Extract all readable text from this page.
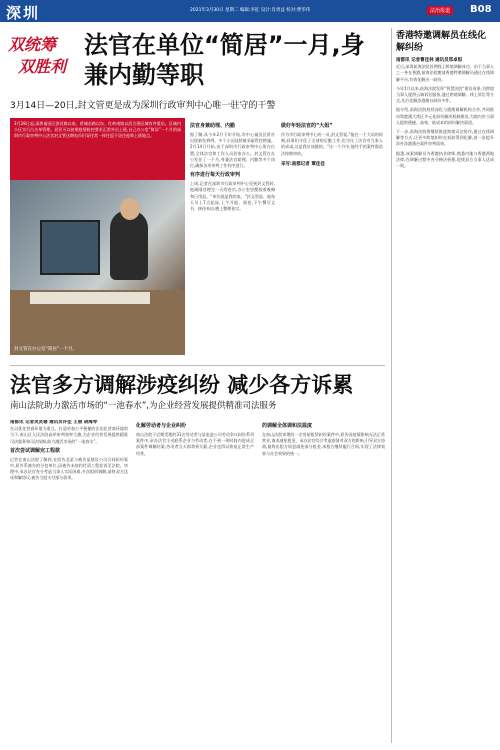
深圳	2021年3月30日 星期二 编辑:李征 设计:肖勇益 校对:曹华伟	法治报道	B08
双统筹
双胜利
法官在单位“简居”一月,身兼内勤等职
3月14日—20日,封文管更是成为深圳行政审判中心唯一驻守的干警
3月28日起,深圳福田区滨河路以南、侨城东路以东、红岭南路以西合围区域有序重启。区域内小区实行凸名单管理。居民可以按照疫情防控要求正常外出上班,自己办公室“简居”一个月的深圳市行政审判中心法官封文管这期电币们穿往常一样往返于居住他和上班地点。
封文管在办公室“简居”一个月。
法官身兼助理、内勤
据了解,从今年2月下旬开始,市中心福田区侨社出现新发病例。多个小区陆续被采取管控措施。2月14日开始,由于深圳市行政审判中心所在位置,全体法官和工作人员居家办公。封文管在办公室住了一个月,身兼法官助理、内勤等多个岗位,确保各项审判工作有序进行。
有序进行每天行政审判
上周,记者在深圳市行政审判中心见到封文管时,他刚刚处理完一天的卷宗,办公室里摆放着被褥和日用品。“单位就是我的家。”封文管说。他每天早上7点起床,上午开庭、阅卷,下午撰写文书、接待来访,晚上整理卷宗。
做好年轻法官的“大姐”
作为市行政审判中心的一员,封文管说,“能在一个大局的时刻,同事们守住了全部的后勤工作,也守住了法官对当事人的承诺,这是我应该做的。”这一个月中,他经手的案件都依法按期审结。
采写:南都记者 覃佳佳
法官多方调解涉疫纠纷 减少各方诉累
南山法院助力激活市场的“一池春水”,为企业经营发展提供精准司法服务
南都讯 记者吴灵珊 通讯员许佳 王丽 胡海琴
在以优化营商环境为重点、打造更加公平便捷的法治化营商环境的当下,南山区人民法院高举审判效率大旗,为企业经营发展提供精准司法服务和司法保障,助力激活市场的“一池春水”。
首次尝试调解完工程款
记者在南山法院了解到,在原告北某与被告某建设公司合同纠纷案中,原告系被告的分包单位,因被告未按约付清工程款诉至法院。审理中,承办法官充分考虑当事人实际困难,多次组织调解,最终双方达成和解协议,被告当庭支付部分款项。
化解劳动者与企业纠纷
南山法院于近期受理的31名劳动者与某电池公司劳动争议纠纷系列案件中,承办法官主动联系企业与劳动者,在不到一周时间内促成全部案件调解结案,劳动者当天即拿到欠薪,企业也得以恢复正常生产经营。
的调解全体调和法温度
在南山法院审理的一宗房屋租赁纠纷案件中,原告因疫情影响无法正常营业,请求减免租金。承办法官综合考虑疫情对双方的影响,引导双方协商,最终出租方同意减免部分租金,承租方继续履行合同,实现了法律效果与社会效果的统一。
香港特邀调解员在线化解纠纷
南都讯 记者曹佳林 通讯员郑卓恒
近日,深圳前海法院首例线上跨境调解成功。由于当事人之一身在香港,前海法院邀请香港特邀调解员通过在线调解平台,有效化解这一纠纷。
今年1月以来,前海法院发挥“智慧法院”建设成果,为跨境当事人提供云端诉讼服务,通过跨境调解、线上诉讼等方式,先后化解涉港澳台纠纷多件。
据介绍,前海法院持续深化与港澳调解机构合作,共同推动粤港澳大湾区多元化纠纷解决机制建设,为境内外当事人提供便捷、高效、低成本的纠纷解决渠道。
下一步,前海法院将继续推进跨境司法协作,通过在线调解等方式,让更多跨境纠纷在诉前得到化解,进一步提升涉外涉港澳台案件审判质效。
据悉,该案调解员为香港执业律师,熟悉内地与香港两地法律,在调解过程中充分释法析理,促使双方当事人达成一致。
